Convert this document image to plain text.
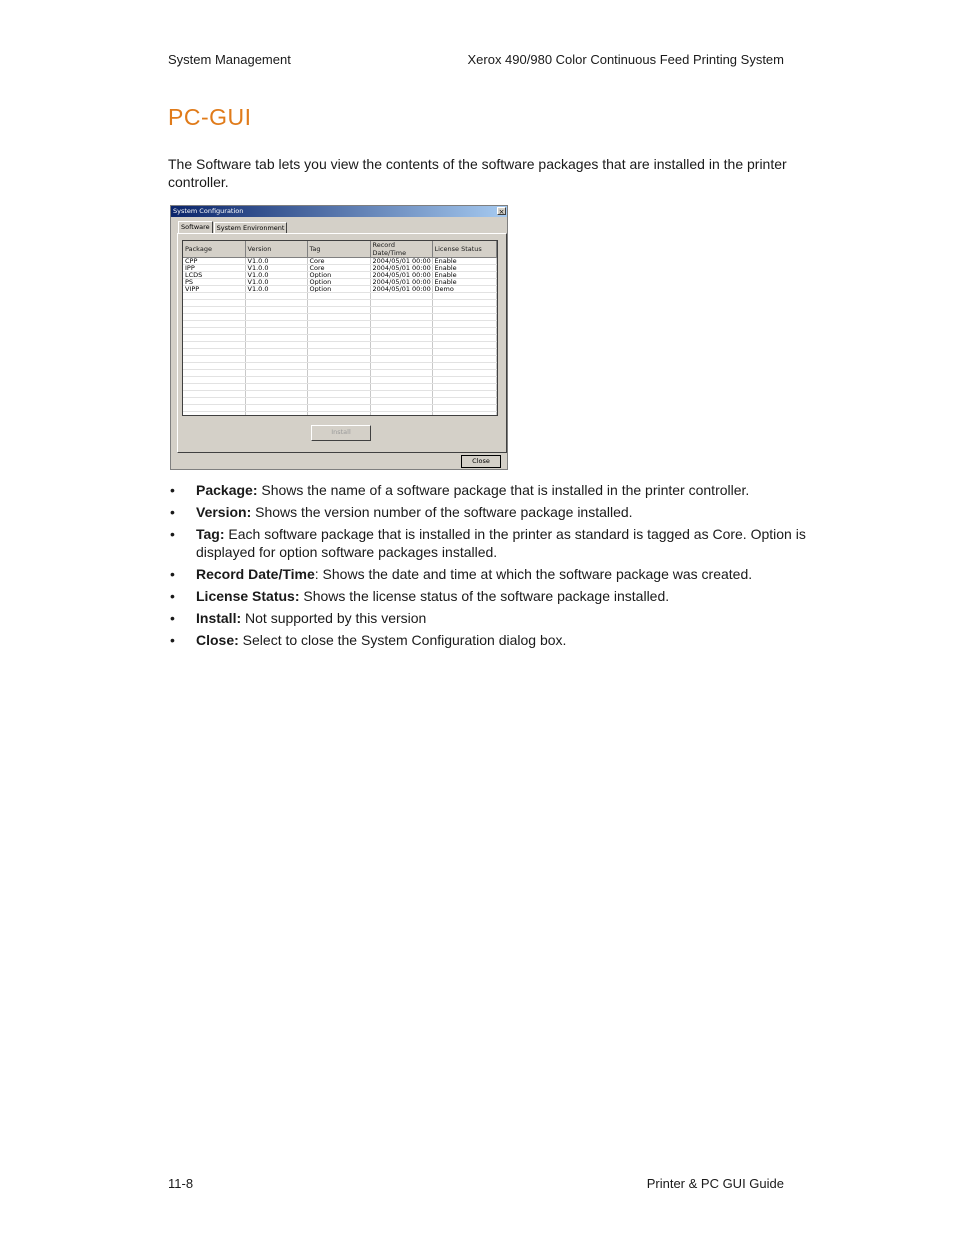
System Management	Xerox 490/980 Color Continuous Feed Printing System
PC-GUI
The Software tab lets you view the contents of the software packages that are installed in the printer controller.
System Configuration	×
Software	System Environment
Package	Version	Tag	Record Date/Time	License Status
CPP	V1.0.0	Core	2004/05/01 00:00	Enable
IPP	V1.0.0	Core	2004/05/01 00:00	Enable
LCDS	V1.0.0	Option	2004/05/01 00:00	Enable
PS	V1.0.0	Option	2004/05/01 00:00	Enable
VIPP	V1.0.0	Option	2004/05/01 00:00	Demo

Install
Close
• Package: Shows the name of a software package that is installed in the printer controller.
• Version: Shows the version number of the software package installed.
• Tag: Each software package that is installed in the printer as standard is tagged as Core. Option is displayed for option software packages installed.
• Record Date/Time: Shows the date and time at which the software package was created.
• License Status: Shows the license status of the software package installed.
• Install: Not supported by this version
• Close: Select to close the System Configuration dialog box.
11-8	Printer & PC GUI Guide
